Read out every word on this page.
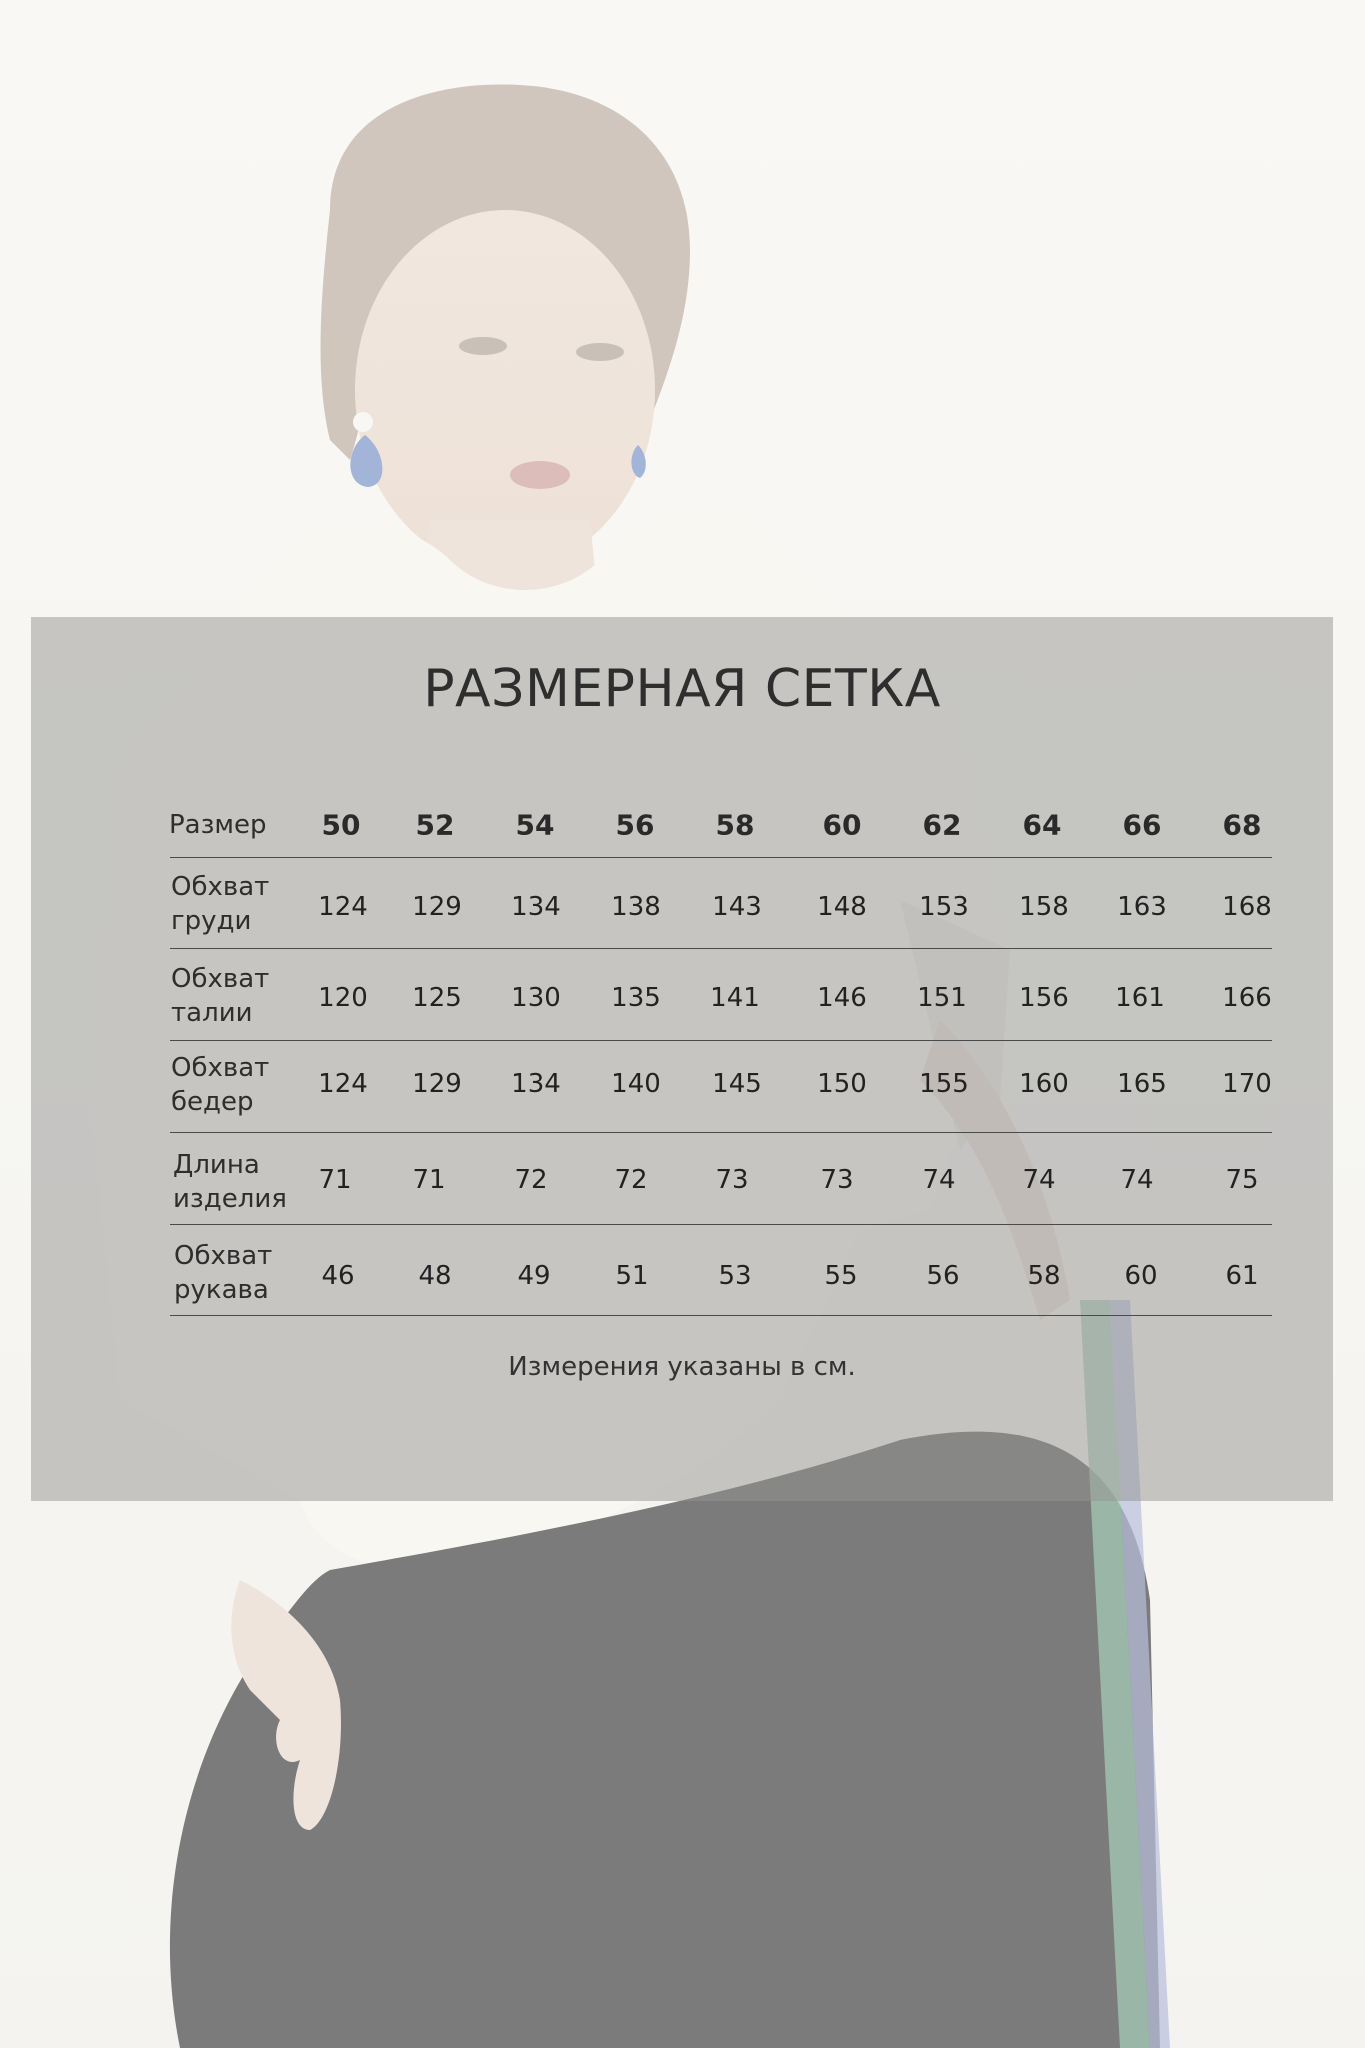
РАЗМЕРНАЯ СЕТКА
Размер 50 52 54 56 58 60 62 64 66 68
Обхват
груди	124 129 134 138 143 148 153 158 163 168
Обхват
талии	120 125 130 135 141 146 151 156 161 166
Обхват
бедер
124 129 134 140 145 150 155 160 165 170
Длина
изделия
71 71	72	72	73	73	74	74 74	75
Обхват
рукава 46 48	49 51	53	55	56	58 60	61
Измерения указаны в см.
